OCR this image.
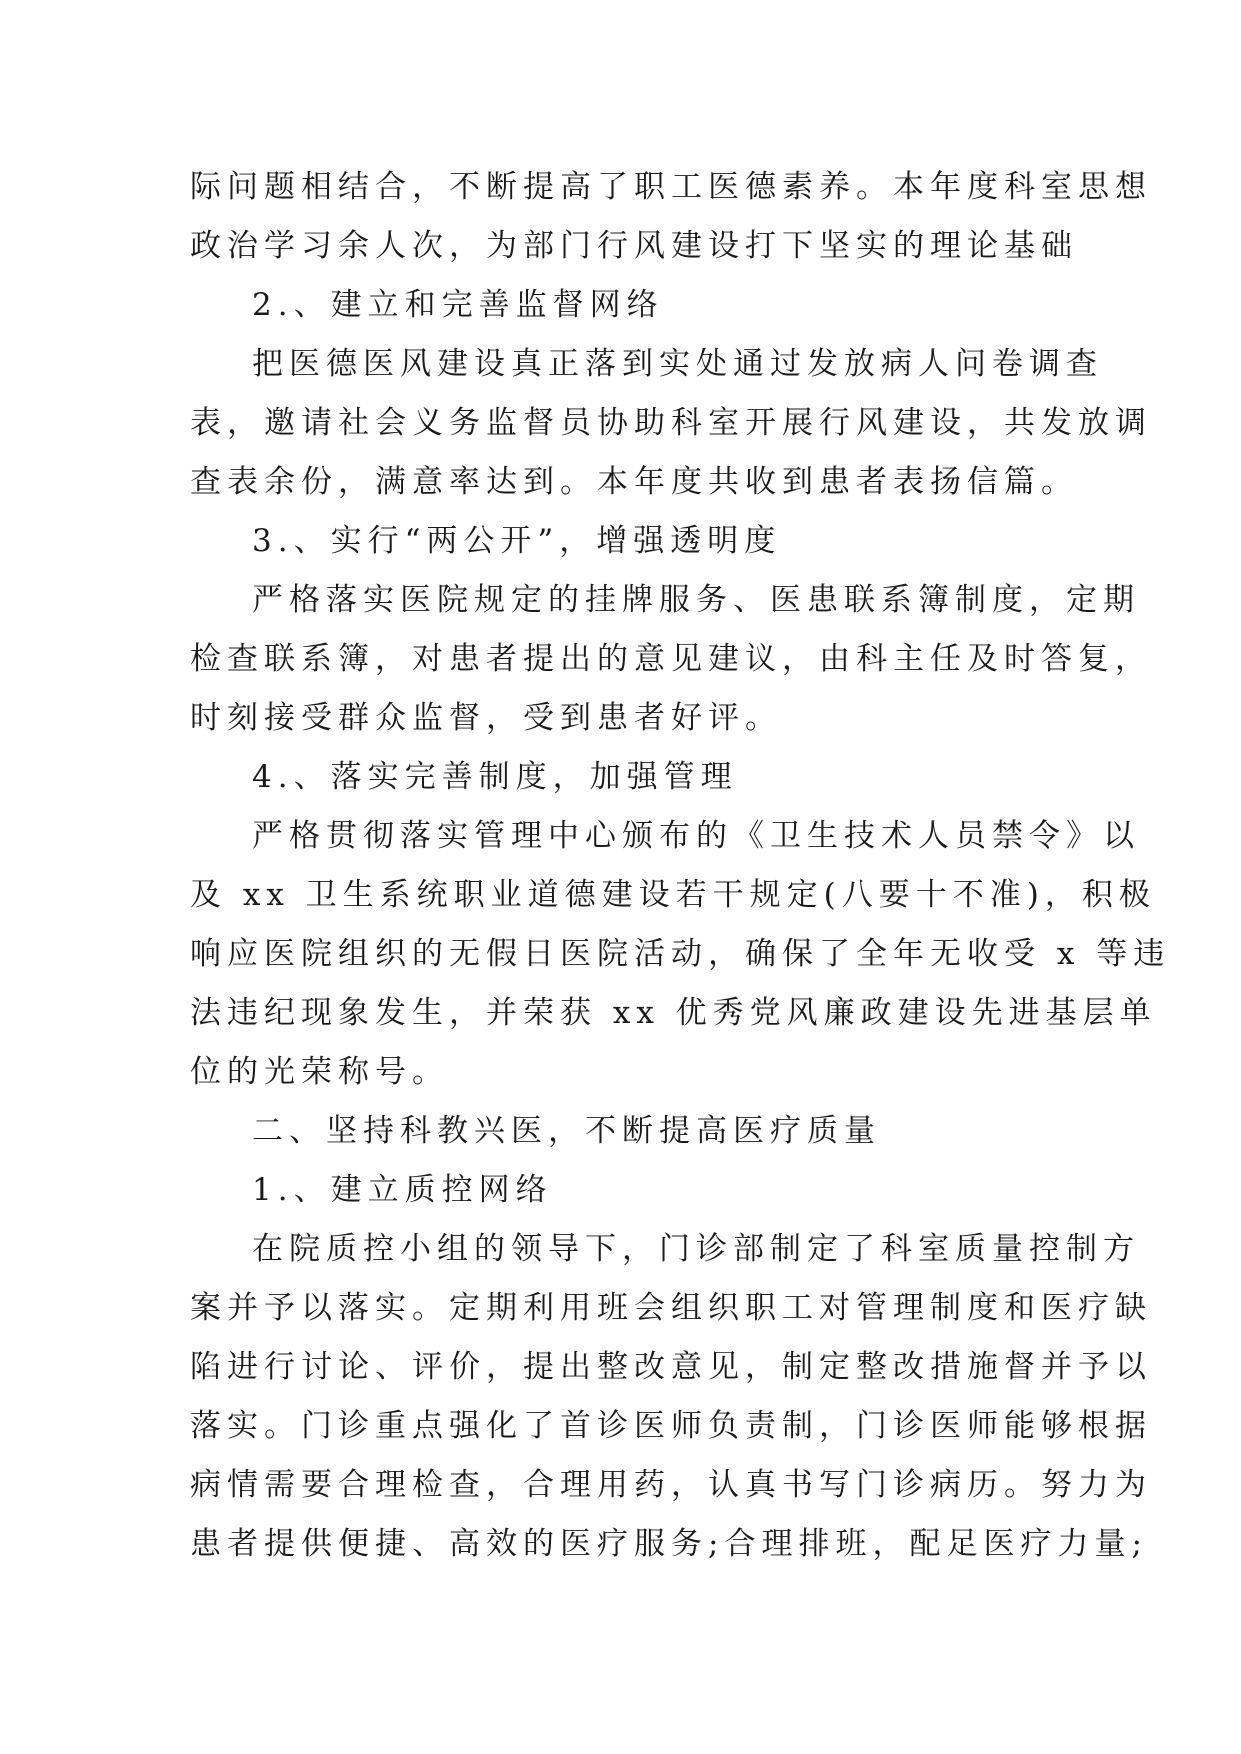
际问题相结合，不断提高了职工医德素养。本年度科室思想
政治学习余人次，为部门行风建设打下坚实的理论基础
2.、建立和完善监督网络
把医德医风建设真正落到实处通过发放病人问卷调查
表，邀请社会义务监督员协助科室开展行风建设，共发放调
查表余份，满意率达到。本年度共收到患者表扬信篇。
3.、实行“两公开”，增强透明度
严格落实医院规定的挂牌服务、医患联系簿制度，定期
检查联系簿，对患者提出的意见建议，由科主任及时答复，
时刻接受群众监督，受到患者好评。
4.、落实完善制度，加强管理
严格贯彻落实管理中心颁布的《卫生技术人员禁令》以
及 xx 卫生系统职业道德建设若干规定(八要十不准)，积极
响应医院组织的无假日医院活动，确保了全年无收受 x 等违
法违纪现象发生，并荣获 xx 优秀党风廉政建设先进基层单
位的光荣称号。
二、坚持科教兴医，不断提高医疗质量
1.、建立质控网络
在院质控小组的领导下，门诊部制定了科室质量控制方
案并予以落实。定期利用班会组织职工对管理制度和医疗缺
陷进行讨论、评价，提出整改意见，制定整改措施督并予以
落实。门诊重点强化了首诊医师负责制，门诊医师能够根据
病情需要合理检查，合理用药，认真书写门诊病历。努力为
患者提供便捷、高效的医疗服务;合理排班，配足医疗力量;
